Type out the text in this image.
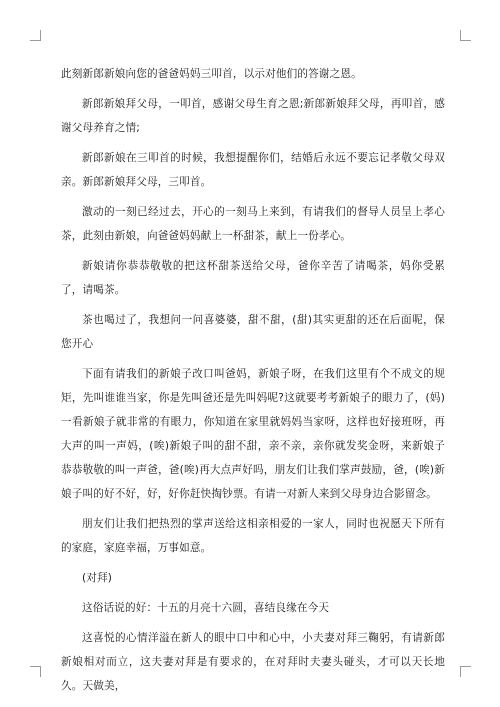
此刻新郎新娘向您的爸爸妈妈三叩首，以示对他们的答谢之恩。

新郎新娘拜父母，一叩首，感谢父母生育之恩;新郎新娘拜父母，再叩首，感谢父母养育之情;

新郎新娘在三叩首的时候，我想提醒你们，结婚后永远不要忘记孝敬父母双亲。新郎新娘拜父母，三叩首。

激动的一刻已经过去，开心的一刻马上来到，有请我们的督导人员呈上孝心茶，此刻由新娘，向爸爸妈妈献上一杯甜茶，献上一份孝心。

新娘请你恭恭敬敬的把这杯甜茶送给父母，爸你辛苦了请喝茶，妈你受累了，请喝茶。

茶也喝过了，我想问一问喜婆婆，甜不甜，(甜)其实更甜的还在后面呢，保您开心

下面有请我们的新娘子改口叫爸妈，新娘子呀，在我们这里有个不成文的规矩，先叫谁谁当家，你是先叫爸还是先叫妈呢?这就要考考新娘子的眼力了，(妈)一看新娘子就非常的有眼力，你知道在家里就妈妈当家呀，这样也好接班呀，再大声的叫一声妈，(唉)新娘子叫的甜不甜，亲不亲，亲你就发奖金呀，来新娘子恭恭敬敬的叫一声爸，爸(唉)再大点声好吗，朋友们让我们掌声鼓励，爸，(唉)新娘子叫的好不好，好，好你赶快掏钞票。有请一对新人来到父母身边合影留念。

朋友们让我们把热烈的掌声送给这相亲相爱的一家人，同时也祝愿天下所有的家庭，家庭幸福，万事如意。

(对拜)

这俗话说的好：十五的月亮十六圆，喜结良缘在今天

这喜悦的心情洋溢在新人的眼中口中和心中，小夫妻对拜三鞠躬，有请新郎新娘相对而立，这夫妻对拜是有要求的，在对拜时夫妻头碰头，才可以天长地久。天做美，
